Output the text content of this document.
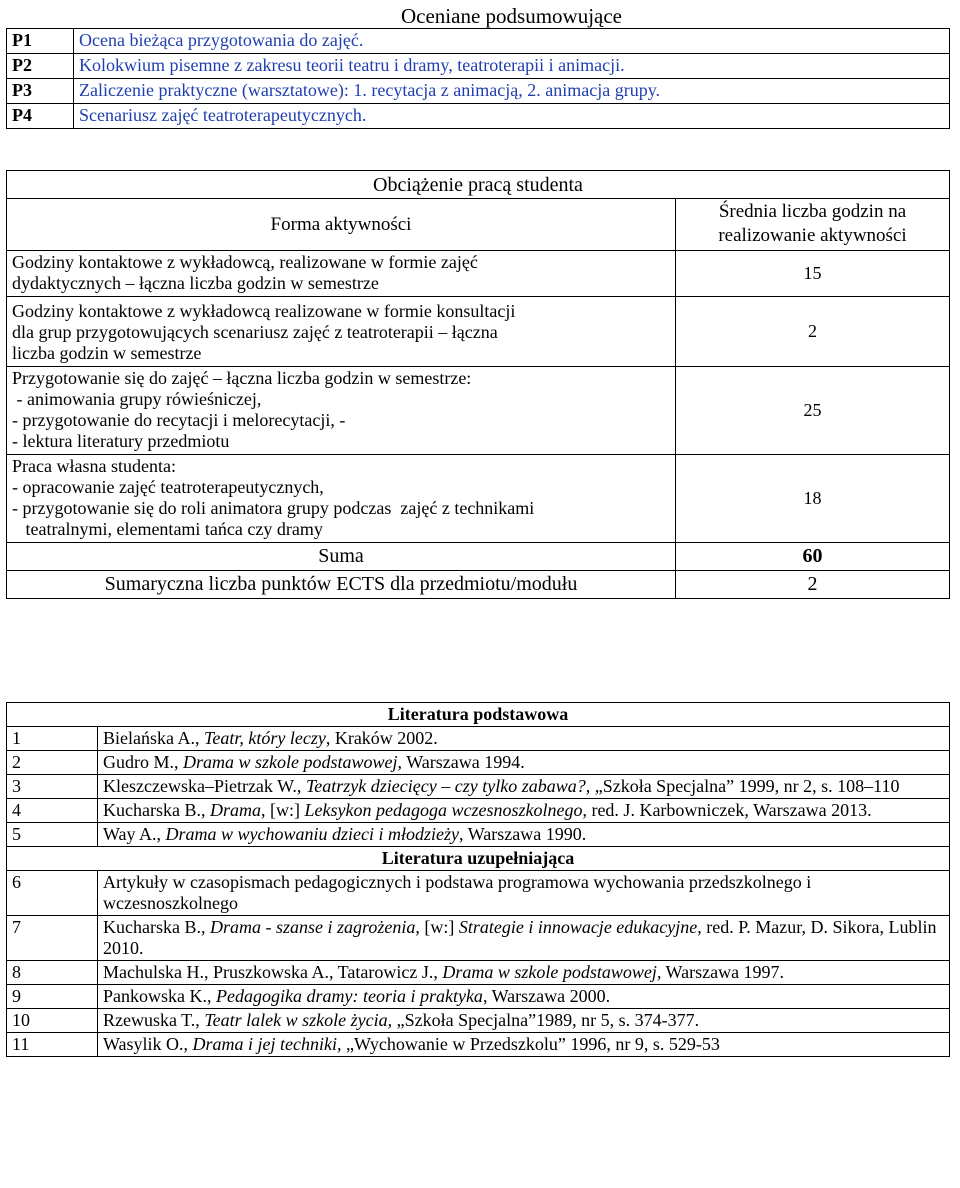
	Oceniane podsumowujące
P1	Ocena bieżąca przygotowania do zajęć.
P2	Kolokwium pisemne z zakresu teorii teatru i dramy, teatroterapii i animacji.
P3	Zaliczenie praktyczne (warsztatowe): 1. recytacja z animacją, 2. animacja grupy.
P4	Scenariusz zajęć teatroterapeutycznych.
Obciążenie pracą studenta	
Forma aktywności	Średnia liczba godzin na realizowanie aktywności

Godziny kontaktowe z wykładowcą, realizowane w formie zajęć
dydaktycznych – łączna liczba godzin w semestrze	15

Godziny kontaktowe z wykładowcą realizowane w formie konsultacji
dla grup przygotowujących scenariusz zajęć z teatroterapii – łączna
liczba godzin w semestrze	2

Przygotowanie się do zajęć – łączna liczba godzin w semestrze:
- animowania grupy rówieśniczej,
- przygotowanie do recytacji i melorecytacji, -
- lektura literatury przedmiotu	25

Praca własna studenta:
- opracowanie zajęć teatroterapeutycznych,
- przygotowanie się do roli animatora grupy podczas  zajęć z technikami
teatralnymi, elementami tańca czy dramy	18
Suma	60
Sumaryczna liczba punktów ECTS dla przedmiotu/modułu	2
Literatura podstawowa	
1	Bielańska A., Teatr, który leczy, Kraków 2002.
2	Gudro M., Drama w szkole podstawowej, Warszawa 1994.
3	Kleszczewska–Pietrzak W., Teatrzyk dziecięcy – czy tylko zabawa?, „Szkoła Specjalna” 1999, nr 2, s. 108–110
4	Kucharska B., Drama, [w:] Leksykon pedagoga wczesnoszkolnego, red. J. Karbowniczek, Warszawa 2013.
5	Way A., Drama w wychowaniu dzieci i młodzieży, Warszawa 1990.
Literatura uzupełniająca	
6	Artykuły w czasopismach pedagogicznych i podstawa programowa wychowania przedszkolnego i wczesnoszkolnego
7	Kucharska B., Drama - szanse i zagrożenia, [w:] Strategie i innowacje edukacyjne, red. P. Mazur, D. Sikora, Lublin 2010.
8	Machulska H., Pruszkowska A., Tatarowicz J., Drama w szkole podstawowej, Warszawa 1997.
9	Pankowska K., Pedagogika dramy: teoria i praktyka, Warszawa 2000.
10	Rzewuska T., Teatr lalek w szkole życia, „Szkoła Specjalna”1989, nr 5, s. 374-377.
11	Wasylik O., Drama i jej techniki, „Wychowanie w Przedszkolu” 1996, nr 9, s. 529-53
